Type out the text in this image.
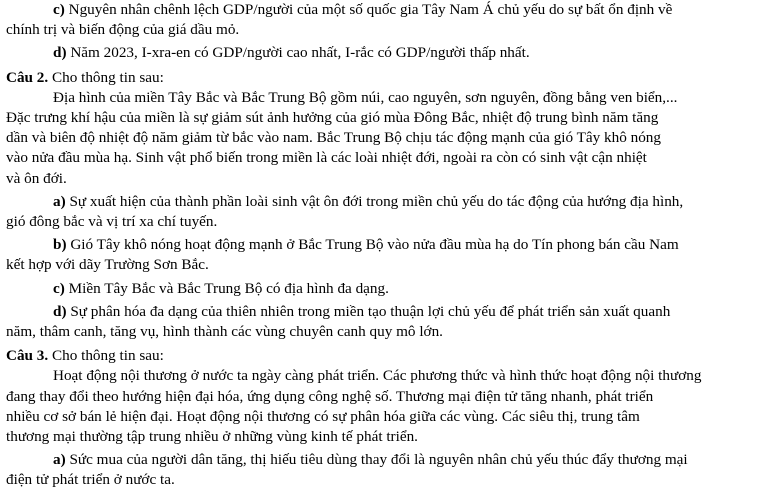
c) Nguyên nhân chênh lệch GDP/người của một số quốc gia Tây Nam Á chủ yếu do sự bất ổn định về

chính trị và biến động của giá dầu mỏ.

d) Năm 2023, I-xra-en có GDP/người cao nhất, I-rắc có GDP/người thấp nhất.

Câu 2. Cho thông tin sau:

Địa hình của miền Tây Bắc và Bắc Trung Bộ gồm núi, cao nguyên, sơn nguyên, đồng bằng ven biển,...

Đặc trưng khí hậu của miền là sự giảm sút ảnh hưởng của gió mùa Đông Bắc, nhiệt độ trung bình năm tăng

dần và biên độ nhiệt độ năm giảm từ bắc vào nam. Bắc Trung Bộ chịu tác động mạnh của gió Tây khô nóng

vào nửa đầu mùa hạ. Sinh vật phổ biến trong miền là các loài nhiệt đới, ngoài ra còn có sinh vật cận nhiệt

và ôn đới.

a) Sự xuất hiện của thành phần loài sinh vật ôn đới trong miền chủ yếu do tác động của hướng địa hình,

gió đông bắc và vị trí xa chí tuyến.

b) Gió Tây khô nóng hoạt động mạnh ở Bắc Trung Bộ vào nửa đầu mùa hạ do Tín phong bán cầu Nam

kết hợp với dãy Trường Sơn Bắc.

c) Miền Tây Bắc và Bắc Trung Bộ có địa hình đa dạng.

d) Sự phân hóa đa dạng của thiên nhiên trong miền tạo thuận lợi chủ yếu để phát triển sản xuất quanh

năm, thâm canh, tăng vụ, hình thành các vùng chuyên canh quy mô lớn.

Câu 3. Cho thông tin sau:

Hoạt động nội thương ở nước ta ngày càng phát triển. Các phương thức và hình thức hoạt động nội thương

đang thay đổi theo hướng hiện đại hóa, ứng dụng công nghệ số. Thương mại điện tử tăng nhanh, phát triển

nhiều cơ sở bán lẻ hiện đại. Hoạt động nội thương có sự phân hóa giữa các vùng. Các siêu thị, trung tâm

thương mại thường tập trung nhiều ở những vùng kinh tế phát triển.

a) Sức mua của người dân tăng, thị hiếu tiêu dùng thay đổi là nguyên nhân chủ yếu thúc đẩy thương mại

điện tử phát triển ở nước ta.
